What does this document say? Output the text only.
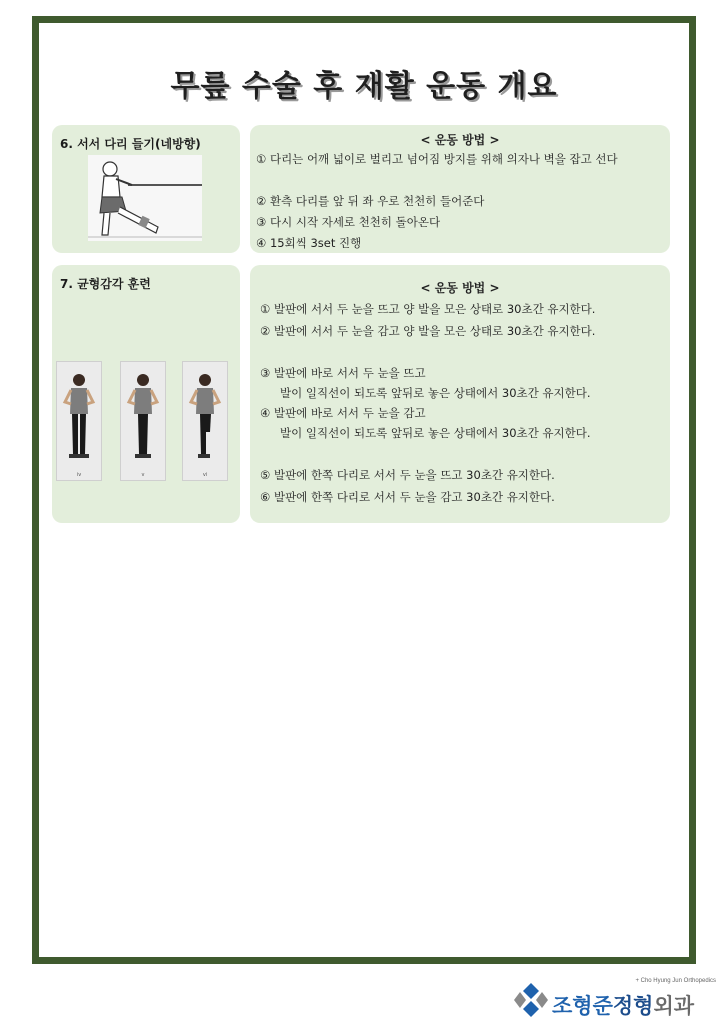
무릎 수술 후 재활 운동 개요
6. 서서 다리 들기(네방향)	< 운동 방법 >
① 다리는 어깨 넓이로 벌리고 넘어짐 방지를 위해 의자나 벽을 잡고 선다
② 환측 다리를 앞 뒤 좌 우로 천천히 들어준다
③ 다시 시작 자세로 천천히 돌아온다
④ 15회씩 3set 진행
7. 균형감각 훈련
iv	v	vi
< 운동 방법 >
① 발판에 서서 두 눈을 뜨고 양 발을 모은 상태로 30초간 유지한다.
② 발판에 서서 두 눈을 감고 양 발을 모은 상태로 30초간 유지한다.
③ 발판에 바로 서서 두 눈을 뜨고
발이 일직선이 되도록 앞뒤로 놓은 상태에서 30초간 유지한다.
④ 발판에 바로 서서 두 눈을 감고
발이 일직선이 되도록 앞뒤로 놓은 상태에서 30초간 유지한다.
⑤ 발판에 한쪽 다리로 서서 두 눈을 뜨고 30초간 유지한다.
⑥ 발판에 한쪽 다리로 서서 두 눈을 감고 30초간 유지한다.
+ Cho Hyung Jun Orthopedics
조형준정형외과
